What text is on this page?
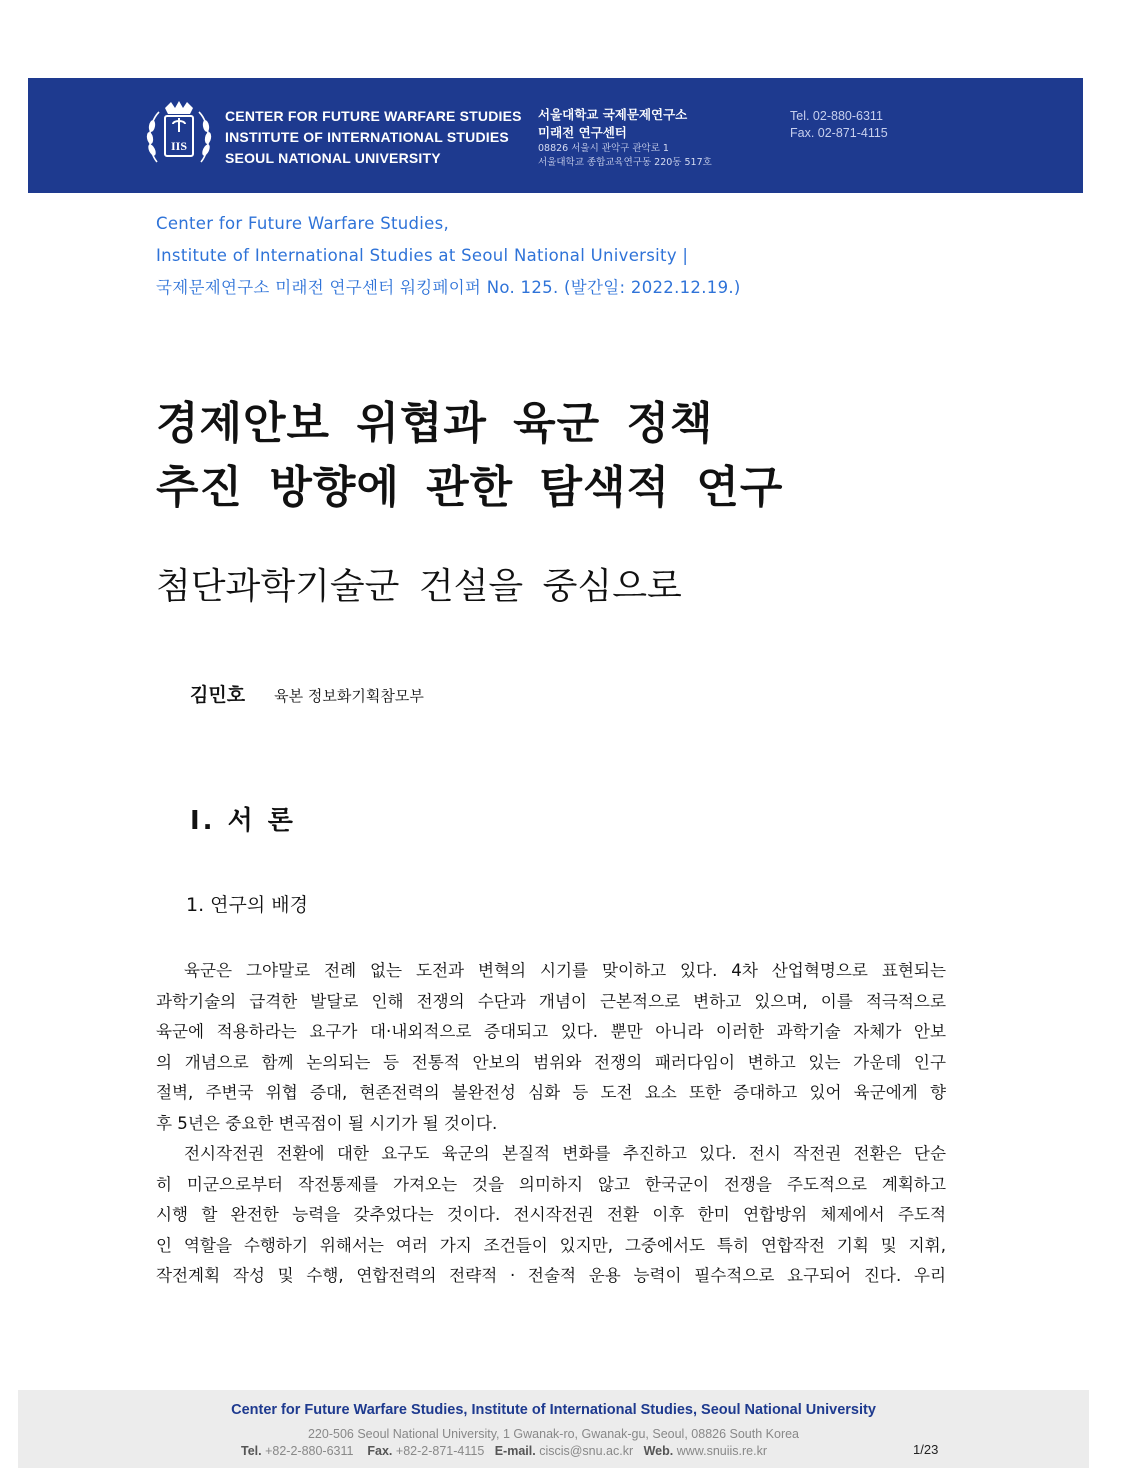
IIS
CENTER FOR FUTURE WARFARE STUDIES
INSTITUTE OF INTERNATIONAL STUDIES
SEOUL NATIONAL UNIVERSITY
서울대학교 국제문제연구소
미래전 연구센터
08826 서울시 관악구 관악로 1
서울대학교 종합교육연구동 220동 517호
Tel. 02-880-6311
Fax. 02-871-4115
Center for Future Warfare Studies,
Institute of International Studies at Seoul National University |
국제문제연구소 미래전 연구센터 워킹페이퍼 No. 125. (발간일: 2022.12.19.)
경제안보 위협과 육군 정책
추진 방향에 관한 탐색적 연구
첨단과학기술군 건설을 중심으로
김민호 육본 정보화기획참모부
Ⅰ. 서 론
1. 연구의 배경

육군은 그야말로 전례 없는 도전과 변혁의 시기를 맞이하고 있다. 4차 산업혁명으로 표현되는

과학기술의 급격한 발달로 인해 전쟁의 수단과 개념이 근본적으로 변하고 있으며, 이를 적극적으로

육군에 적용하라는 요구가 대·내외적으로 증대되고 있다. 뿐만 아니라 이러한 과학기술 자체가 안보

의 개념으로 함께 논의되는 등 전통적 안보의 범위와 전쟁의 패러다임이 변하고 있는 가운데 인구

절벽, 주변국 위협 증대, 현존전력의 불완전성 심화 등 도전 요소 또한 증대하고 있어 육군에게 향

후 5년은 중요한 변곡점이 될 시기가 될 것이다.

전시작전권 전환에 대한 요구도 육군의 본질적 변화를 추진하고 있다. 전시 작전권 전환은 단순

히 미군으로부터 작전통제를 가져오는 것을 의미하지 않고 한국군이 전쟁을 주도적으로 계획하고

시행 할 완전한 능력을 갖추었다는 것이다. 전시작전권 전환 이후 한미 연합방위 체제에서 주도적

인 역할을 수행하기 위해서는 여러 가지 조건들이 있지만, 그중에서도 특히 연합작전 기획 및 지휘,

작전계획 작성 및 수행, 연합전력의 전략적 · 전술적 운용 능력이 필수적으로 요구되어 진다. 우리

Center for Future Warfare Studies, Institute of International Studies, Seoul National University
220-506 Seoul National University, 1 Gwanak-ro, Gwanak-gu, Seoul, 08826 South Korea
Tel. +82-2-880-6311 Fax. +82-2-871-4115 E-mail. ciscis@snu.ac.kr Web. www.snuiis.re.kr	1/23
